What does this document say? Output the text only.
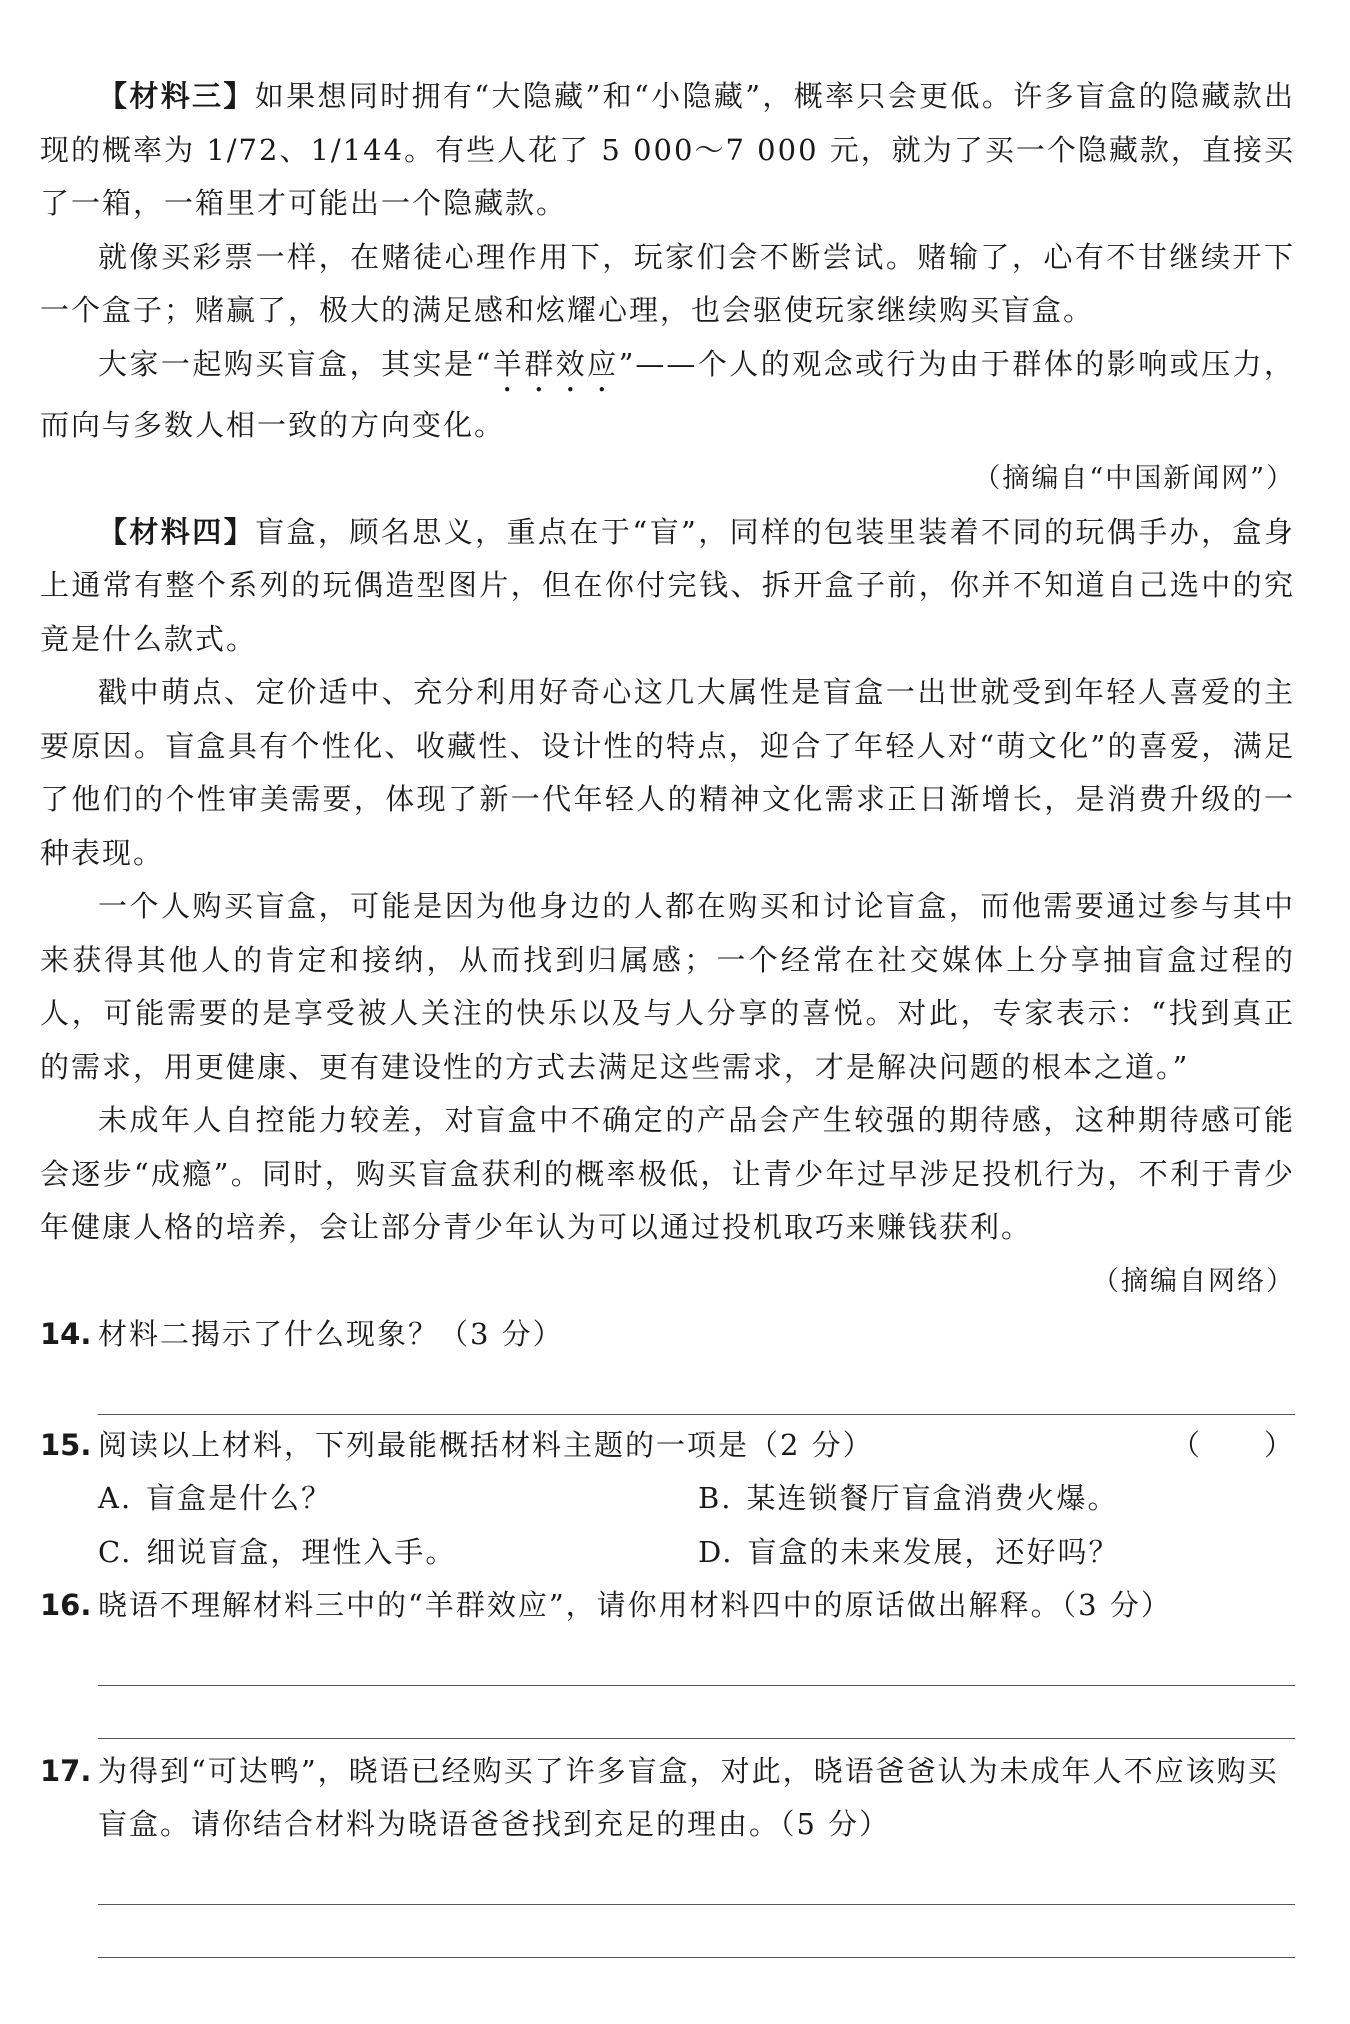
【材料三】如果想同时拥有“大隐藏”和“小隐藏”，概率只会更低。许多盲盒的隐藏款出现的概率为 1/72、1/144。有些人花了 5 000～7 000 元，就为了买一个隐藏款，直接买了一箱，一箱里才可能出一个隐藏款。

就像买彩票一样，在赌徒心理作用下，玩家们会不断尝试。赌输了，心有不甘继续开下一个盒子；赌赢了，极大的满足感和炫耀心理，也会驱使玩家继续购买盲盒。

大家一起购买盲盒，其实是“羊群效应”——个人的观念或行为由于群体的影响或压力，而向与多数人相一致的方向变化。

（摘编自“中国新闻网”）

【材料四】盲盒，顾名思义，重点在于“盲”，同样的包装里装着不同的玩偶手办，盒身上通常有整个系列的玩偶造型图片，但在你付完钱、拆开盒子前，你并不知道自己选中的究竟是什么款式。

戳中萌点、定价适中、充分利用好奇心这几大属性是盲盒一出世就受到年轻人喜爱的主要原因。盲盒具有个性化、收藏性、设计性的特点，迎合了年轻人对“萌文化”的喜爱，满足了他们的个性审美需要，体现了新一代年轻人的精神文化需求正日渐增长，是消费升级的一种表现。

一个人购买盲盒，可能是因为他身边的人都在购买和讨论盲盒，而他需要通过参与其中来获得其他人的肯定和接纳，从而找到归属感；一个经常在社交媒体上分享抽盲盒过程的人，可能需要的是享受被人关注的快乐以及与人分享的喜悦。对此，专家表示：“找到真正的需求，用更健康、更有建设性的方式去满足这些需求，才是解决问题的根本之道。”

未成年人自控能力较差，对盲盒中不确定的产品会产生较强的期待感，这种期待感可能会逐步“成瘾”。同时，购买盲盒获利的概率极低，让青少年过早涉足投机行为，不利于青少年健康人格的培养，会让部分青少年认为可以通过投机取巧来赚钱获利。

（摘编自网络）

14. 材料二揭示了什么现象？（3 分）
15. 阅读以上材料，下列最能概括材料主题的一项是（2 分）	（　　）
A. 盲盒是什么？	B. 某连锁餐厅盲盒消费火爆。
C. 细说盲盒，理性入手。	D. 盲盒的未来发展，还好吗？
16. 晓语不理解材料三中的“羊群效应”，请你用材料四中的原话做出解释。（3 分）
17. 为得到“可达鸭”，晓语已经购买了许多盲盒，对此，晓语爸爸认为未成年人不应该购买

盲盒。请你结合材料为晓语爸爸找到充足的理由。（5 分）
